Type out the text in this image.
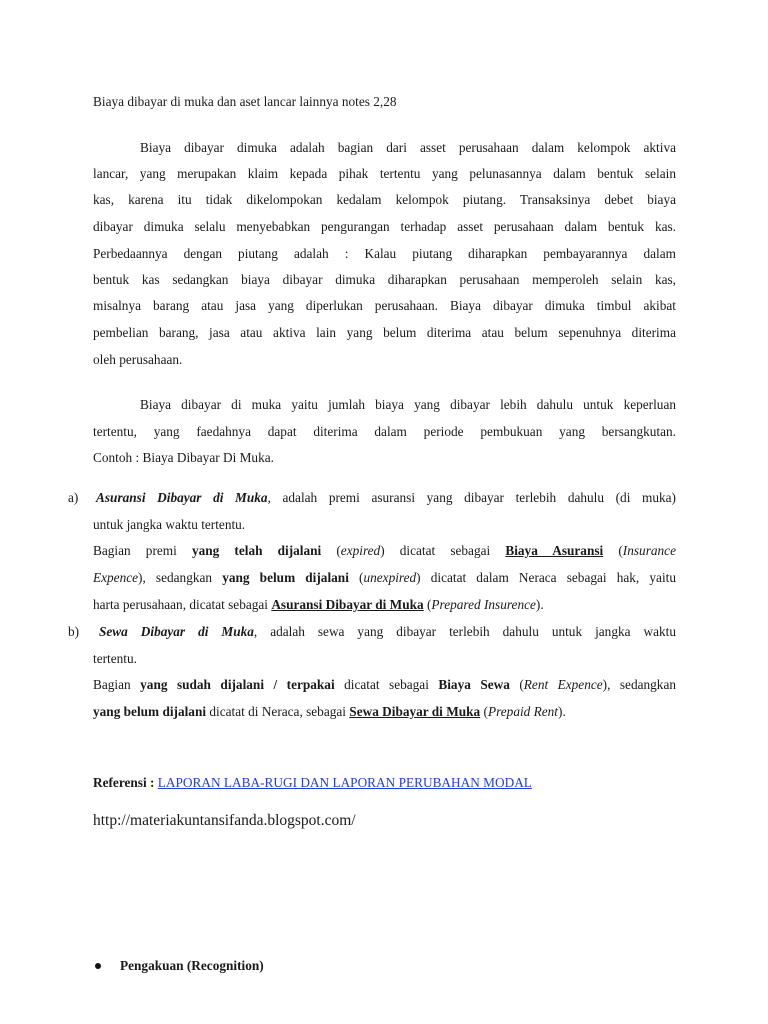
Biaya dibayar di muka dan aset lancar lainnya notes 2,28
Biaya dibayar dimuka adalah bagian dari asset perusahaan dalam kelompok aktiva
lancar, yang merupakan klaim kepada pihak tertentu yang pelunasannya dalam bentuk selain
kas, karena itu tidak dikelompokan kedalam kelompok piutang. Transaksinya debet biaya
dibayar dimuka selalu menyebabkan pengurangan terhadap asset perusahaan dalam bentuk kas.
Perbedaannya dengan piutang adalah : Kalau piutang diharapkan pembayarannya dalam
bentuk kas sedangkan biaya dibayar dimuka diharapkan perusahaan memperoleh selain kas,
misalnya barang atau jasa yang diperlukan perusahaan. Biaya dibayar dimuka timbul akibat
pembelian barang, jasa atau aktiva lain yang belum diterima atau belum sepenuhnya diterima
oleh perusahaan.
Biaya dibayar di muka yaitu jumlah biaya yang dibayar lebih dahulu untuk keperluan
tertentu, yang faedahnya dapat diterima dalam periode pembukuan yang bersangkutan.
Contoh : Biaya Dibayar Di Muka.
a) Asuransi Dibayar di Muka, adalah premi asuransi yang dibayar terlebih dahulu (di muka)
untuk jangka waktu tertentu.
Bagian premi yang telah dijalani (expired) dicatat sebagai Biaya Asuransi (Insurance
Expence), sedangkan yang belum dijalani (unexpired) dicatat dalam Neraca sebagai hak, yaitu
harta perusahaan, dicatat sebagai Asuransi Dibayar di Muka (Prepared Insurence).
b) Sewa Dibayar di Muka, adalah sewa yang dibayar terlebih dahulu untuk jangka waktu
tertentu.
Bagian yang sudah dijalani / terpakai dicatat sebagai Biaya Sewa (Rent Expence), sedangkan
yang belum dijalani dicatat di Neraca, sebagai Sewa Dibayar di Muka (Prepaid Rent).
Referensi : LAPORAN LABA-RUGI DAN LAPORAN PERUBAHAN MODAL
http://materiakuntansifanda.blogspot.com/
Pengakuan (Recognition)
